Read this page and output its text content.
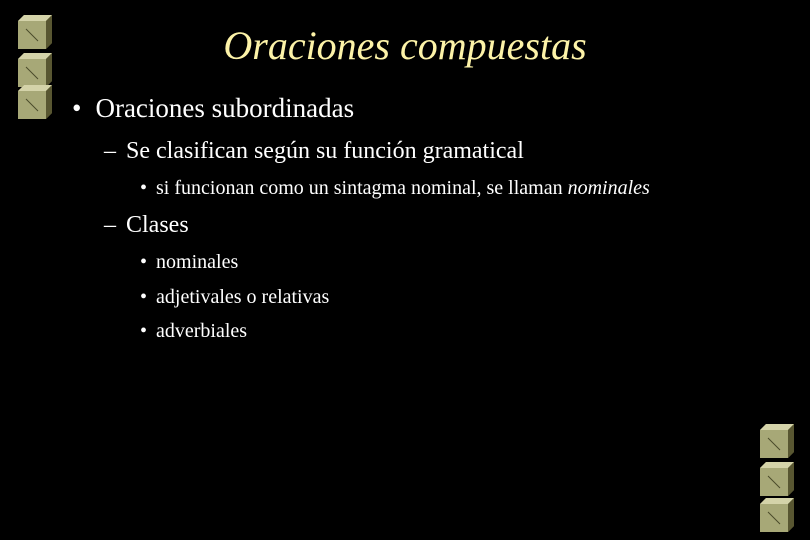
Oraciones compuestas
• Oraciones subordinadas
– Se clasifican según su función gramatical
• si funcionan como un sintagma nominal, se llaman nominales
– Clases
• nominales
• adjetivales o relativas
• adverbiales
